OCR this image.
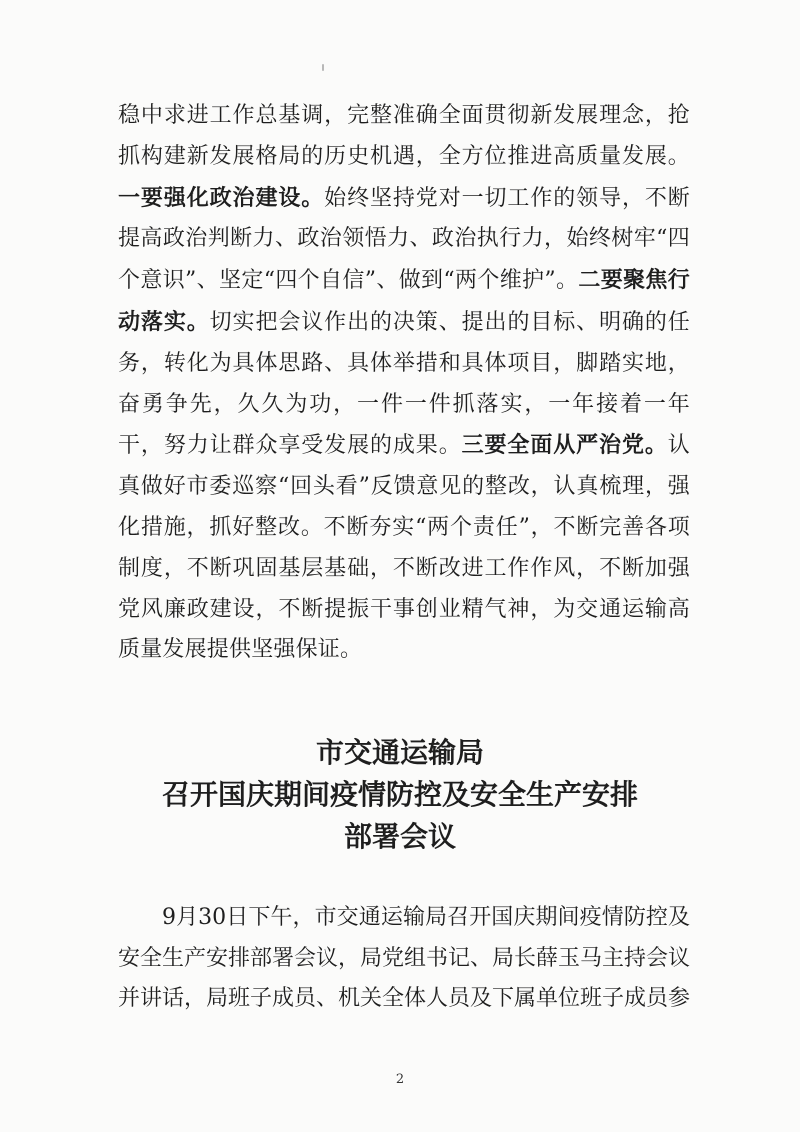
稳中求进工作总基调，完整准确全面贯彻新发展理念，抢抓构建新发展格局的历史机遇，全方位推进高质量发展。一要强化政治建设。始终坚持党对一切工作的领导，不断提高政治判断力、政治领悟力、政治执行力，始终树牢“四个意识”、坚定“四个自信”、做到“两个维护”。二要聚焦行动落实。切实把会议作出的决策、提出的目标、明确的任务，转化为具体思路、具体举措和具体项目，脚踏实地，奋勇争先，久久为功，一件一件抓落实，一年接着一年干，努力让群众享受发展的成果。三要全面从严治党。认真做好市委巡察“回头看”反馈意见的整改，认真梳理，强化措施，抓好整改。不断夯实“两个责任”，不断完善各项制度，不断巩固基层基础，不断改进工作作风，不断加强党风廉政建设，不断提振干事创业精气神，为交通运输高质量发展提供坚强保证。

市交通运输局
召开国庆期间疫情防控及安全生产安排
部署会议

9月30日下午，市交通运输局召开国庆期间疫情防控及安全生产安排部署会议，局党组书记、局长薛玉马主持会议并讲话，局班子成员、机关全体人员及下属单位班子成员参

2
